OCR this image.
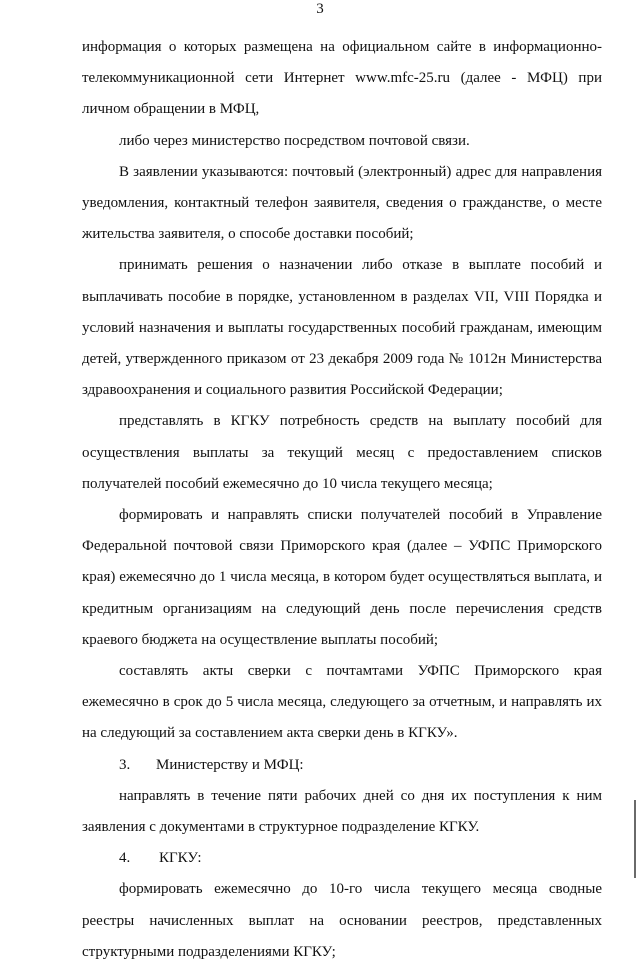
3

информация о которых размещена на официальном сайте в информационно-телекоммуникационной сети Интернет www.mfc-25.ru (далее - МФЦ) при личном обращении в МФЦ,

либо через министерство посредством почтовой связи.

В заявлении указываются: почтовый (электронный) адрес для направления уведомления, контактный телефон заявителя, сведения о гражданстве, о месте жительства заявителя, о способе доставки пособий;

принимать решения о назначении либо отказе в выплате пособий и выплачивать пособие в порядке, установленном в разделах VII, VIII Порядка и условий назначения и выплаты государственных пособий гражданам, имеющим детей, утвержденного приказом от 23 декабря 2009 года № 1012н Министерства здравоохранения и социального развития Российской Федерации;

представлять в КГКУ потребность средств на выплату пособий для осуществления выплаты за текущий месяц с предоставлением списков получателей пособий ежемесячно до 10 числа текущего месяца;

формировать и направлять списки получателей пособий в Управление Федеральной почтовой связи Приморского края (далее – УФПС Приморского края) ежемесячно до 1 числа месяца, в котором будет осуществляться выплата, и кредитным организациям на следующий день после перечисления средств краевого бюджета на осуществление выплаты пособий;

составлять акты сверки с почтамтами УФПС Приморского края ежемесячно в срок до 5 числа месяца, следующего за отчетным, и направлять их на следующий за составлением акта сверки день в КГКУ».

3. Министерству и МФЦ:

направлять в течение пяти рабочих дней со дня их поступления к ним заявления с документами в структурное подразделение КГКУ.

4. КГКУ:

формировать ежемесячно до 10-го числа текущего месяца сводные реестры начисленных выплат на основании реестров, представленных структурными подразделениями КГКУ;
